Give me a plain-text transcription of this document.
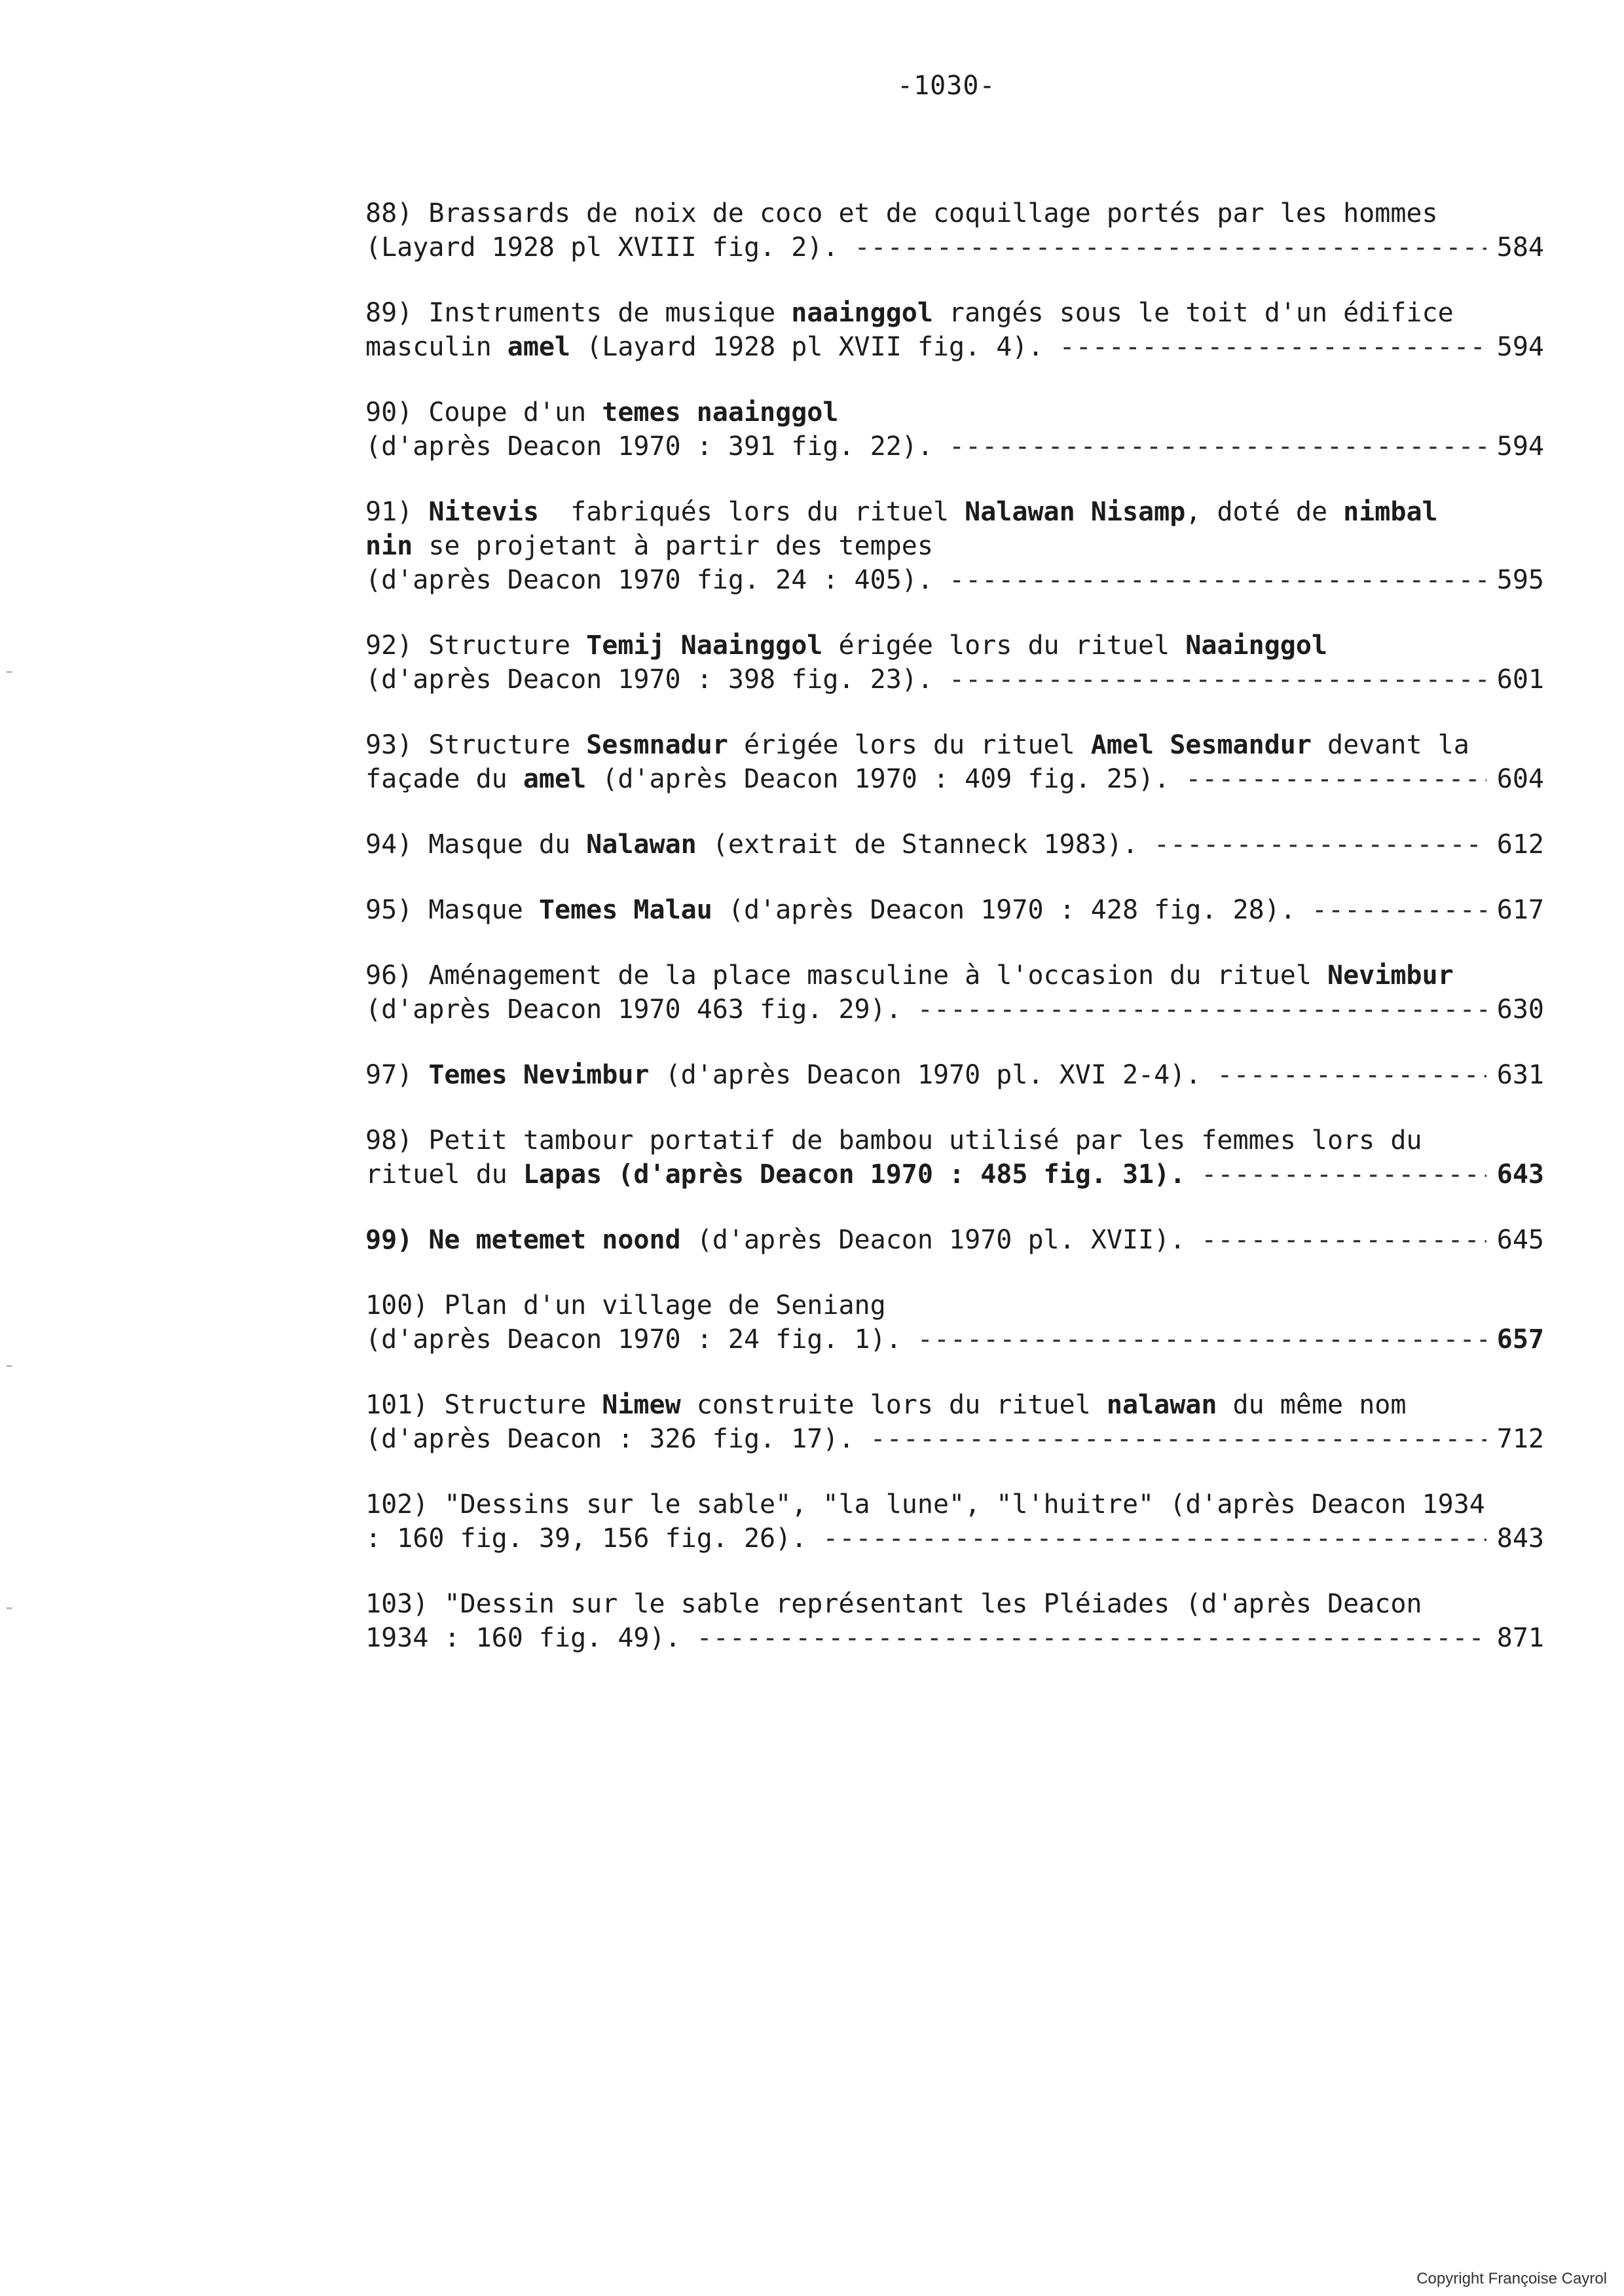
-1030-
88) Brassards de noix de coco et de coquillage portés par les hommes
(Layard 1928 pl XVIII fig. 2). -----	584
89) Instruments de musique naainggol rangés sous le toit d'un édifice
masculin amel (Layard 1928 pl XVII fig. 4). -----	594
90) Coupe d'un temes naainggol
(d'après Deacon 1970 : 391 fig. 22). -----	594
91) Nitevis  fabriqués lors du rituel Nalawan Nisamp, doté de nimbal
nin se projetant à partir des tempes
(d'après Deacon 1970 fig. 24 : 405). -----	595
92) Structure Temij Naainggol érigée lors du rituel Naainggol
(d'après Deacon 1970 : 398 fig. 23). -----	601
93) Structure Sesmnadur érigée lors du rituel Amel Sesmandur devant la
façade du amel (d'après Deacon 1970 : 409 fig. 25). -----	604
94) Masque du Nalawan (extrait de Stanneck 1983). -----	612
95) Masque Temes Malau (d'après Deacon 1970 : 428 fig. 28). -----	617
96) Aménagement de la place masculine à l'occasion du rituel Nevimbur
(d'après Deacon 1970 463 fig. 29). -----	630
97) Temes Nevimbur (d'après Deacon 1970 pl. XVI 2-4). -----	631
98) Petit tambour portatif de bambou utilisé par les femmes lors du
rituel du Lapas (d'après Deacon 1970 : 485 fig. 31). -----	643
99) Ne metemet noond (d'après Deacon 1970 pl. XVII). -----	645
100) Plan d'un village de Seniang
(d'après Deacon 1970 : 24 fig. 1). -----	657
101) Structure Nimew construite lors du rituel nalawan du même nom
(d'après Deacon : 326 fig. 17). -----	712
102) "Dessins sur le sable", "la lune", "l'huitre" (d'après Deacon 1934
: 160 fig. 39, 156 fig. 26). -----	843
103) "Dessin sur le sable représentant les Pléiades (d'après Deacon
1934 : 160 fig. 49). -----	871
Copyright Françoise Cayrol
